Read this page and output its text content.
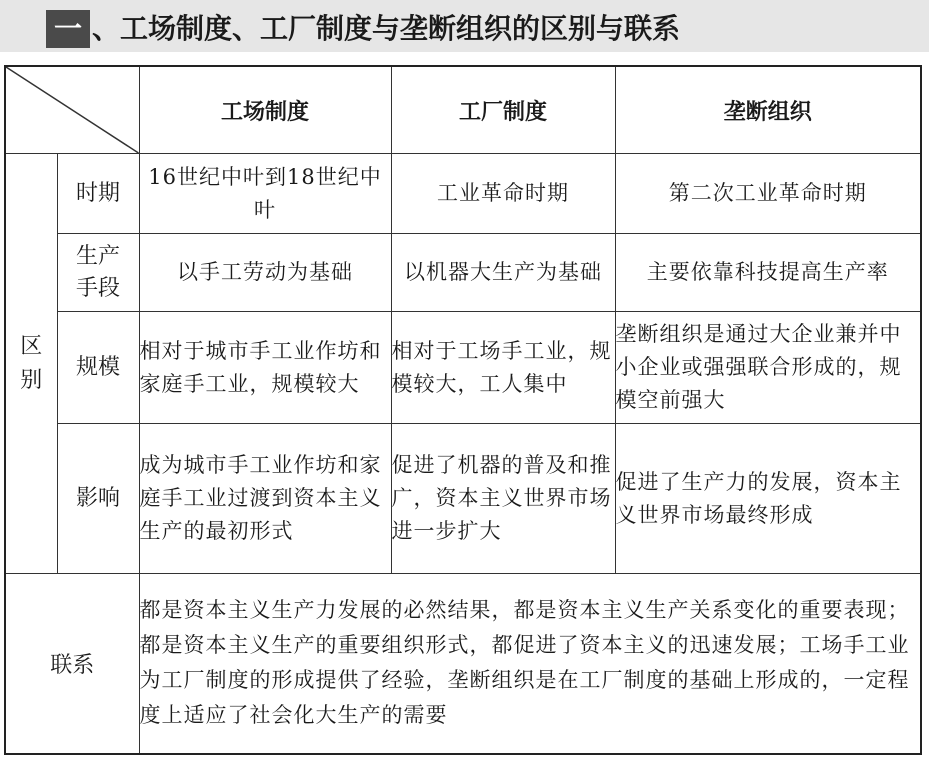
一 、工场制度、工厂制度与垄断组织的区别与联系
	工场制度	工厂制度	垄断组织
区别	时期	16世纪中叶到18世纪中叶	工业革命时期	第二次工业革命时期
	生产手段	以手工劳动为基础	以机器大生产为基础	主要依靠科技提高生产率
	规模	相对于城市手工业作坊和家庭手工业，规模较大	相对于工场手工业，规模较大，工人集中	垄断组织是通过大企业兼并中小企业或强强联合形成的，规模空前强大
	影响	成为城市手工业作坊和家庭手工业过渡到资本主义生产的最初形式	促进了机器的普及和推广，资本主义世界市场进一步扩大	促进了生产力的发展，资本主义世界市场最终形成
联系		都是资本主义生产力发展的必然结果，都是资本主义生产关系变化的重要表现；都是资本主义生产的重要组织形式，都促进了资本主义的迅速发展；工场手工业为工厂制度的形成提供了经验，垄断组织是在工厂制度的基础上形成的，一定程度上适应了社会化大生产的需要		
